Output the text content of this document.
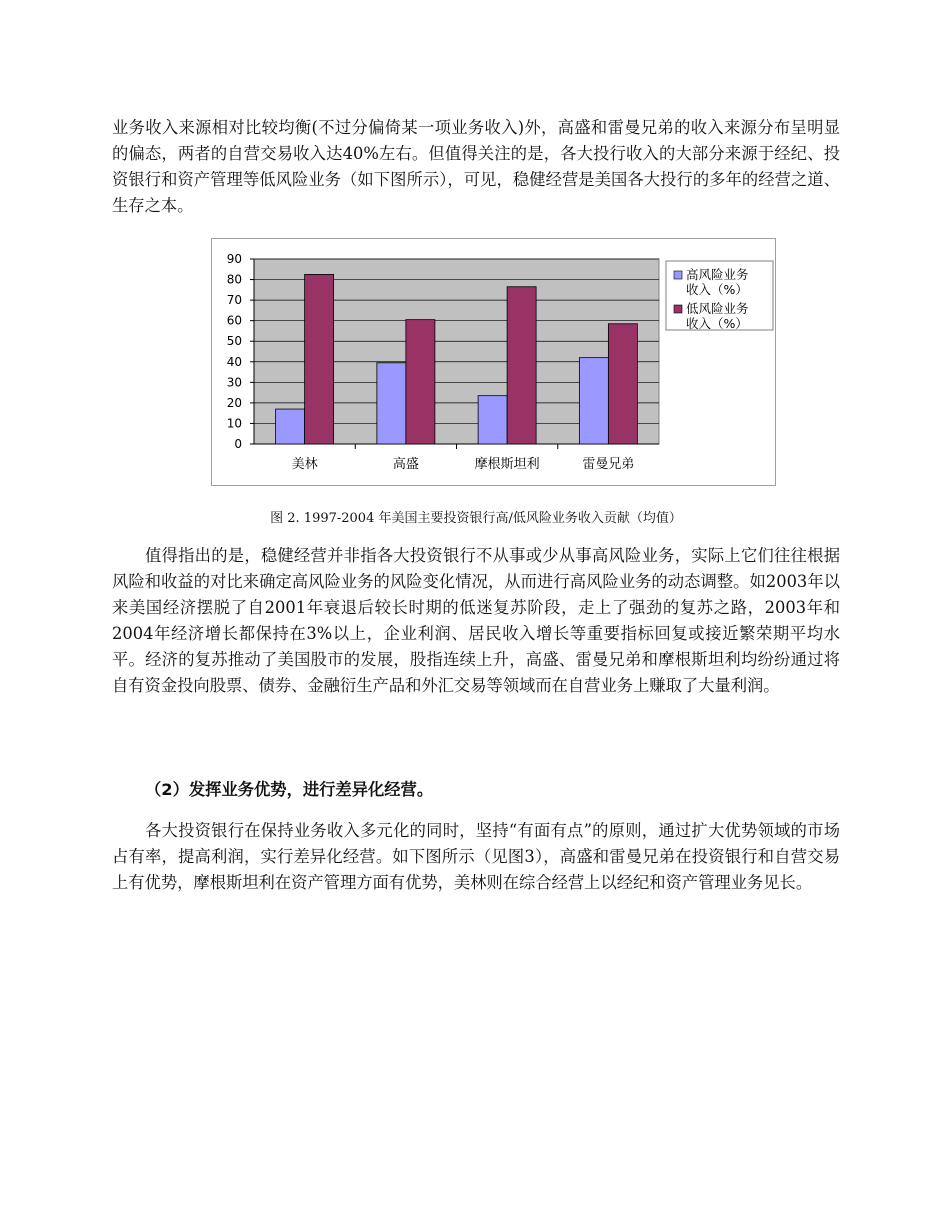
业务收入来源相对比较均衡(不过分偏倚某一项业务收入)外，高盛和雷曼兄弟的收入来源分布呈明显的偏态，两者的自营交易收入达40%左右。但值得关注的是，各大投行收入的大部分来源于经纪、投资银行和资产管理等低风险业务（如下图所示），可见，稳健经营是美国各大投行的多年的经营之道、生存之本。

值得指出的是，稳健经营并非指各大投资银行不从事或少从事高风险业务，实际上它们往往根据风险和收益的对比来确定高风险业务的风险变化情况，从而进行高风险业务的动态调整。如2003年以来美国经济摆脱了自2001年衰退后较长时期的低迷复苏阶段，走上了强劲的复苏之路，2003年和2004年经济增长都保持在3%以上，企业利润、居民收入增长等重要指标回复或接近繁荣期平均水平。经济的复苏推动了美国股市的发展，股指连续上升，高盛、雷曼兄弟和摩根斯坦利均纷纷通过将自有资金投向股票、债券、金融衍生产品和外汇交易等领域而在自营业务上赚取了大量利润。

（2）发挥业务优势，进行差异化经营。

各大投资银行在保持业务收入多元化的同时，坚持“有面有点”的原则，通过扩大优势领域的市场占有率，提高利润，实行差异化经营。如下图所示（见图3），高盛和雷曼兄弟在投资银行和自营交易上有优势，摩根斯坦利在资产管理方面有优势，美林则在综合经营上以经纪和资产管理业务见长。

图 2. 1997-2004 年美国主要投资银行高/低风险业务收入贡献（均值）
0
10
20
30
40
50
60
70
80
90
美林	高盛	摩根斯坦利	雷曼兄弟
高风险业务
收入（%）
低风险业务
收入（%）
